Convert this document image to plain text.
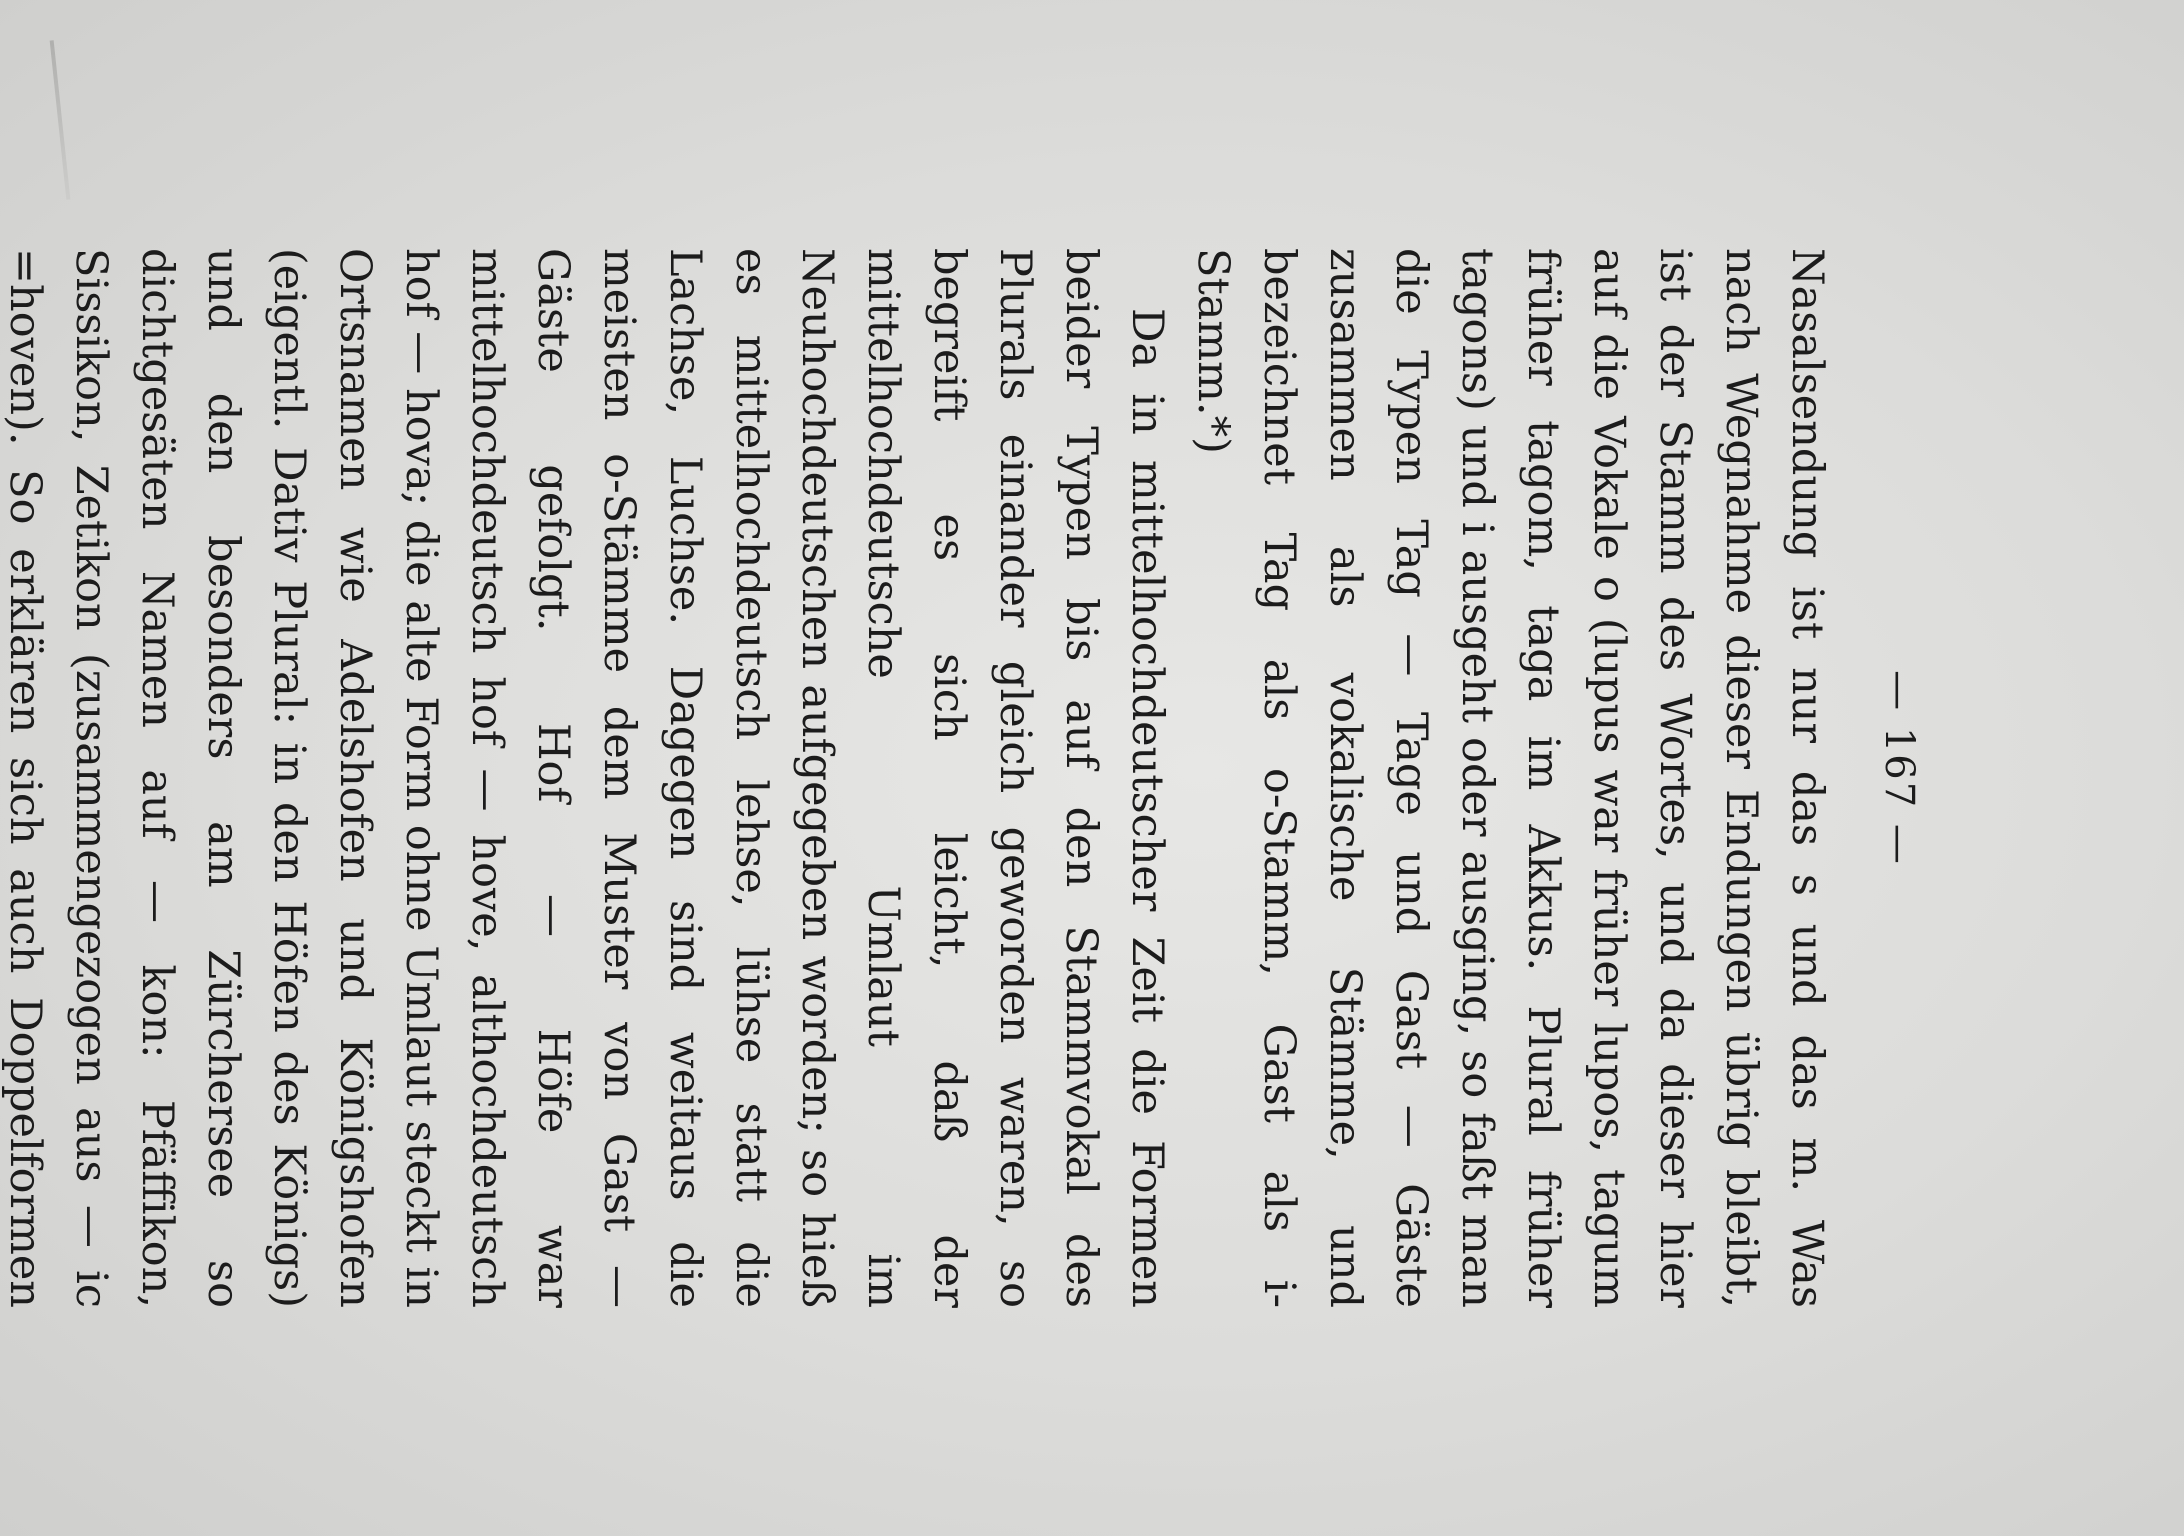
— 167 —

Nasalsendung ist nur das s und das m. Was nach Wegnahme dieser Endungen übrig bleibt, ist der Stamm des Wortes, und da dieser hier auf die Vokale o (lupus war früher lupos, tagum früher tagom, taga im Akkus. Plural früher tagons) und i ausgeht oder ausging, so faßt man die Typen Tag — Tage und Gast — Gäste zusammen als vokalische Stämme, und bezeichnet Tag als o-Stamm, Gast als i-Stamm.*)

Da in mittelhochdeutscher Zeit die Formen beider Typen bis auf den Stammvokal des Plurals einander gleich geworden waren, so begreift es sich leicht, daß der mittelhochdeutsche Umlaut im Neuhochdeutschen aufgegeben worden; so hieß es mittelhochdeutsch lehse, lühse statt die Lachse, Luchse. Dagegen sind weitaus die meisten o-Stämme dem Muster von Gast — Gäste gefolgt. Hof — Höfe war mittelhochdeutsch hof — hove, althochdeutsch hof — hova; die alte Form ohne Umlaut steckt in Ortsnamen wie Adelshofen und Königshofen (eigentl. Dativ Plural: in den Höfen des Königs) und den besonders am Zürchersee so dichtgesäten Namen auf — kon: Pfäffikon, Sissikon, Zetikon (zusammengezogen aus — ic =hoven). So erklären sich auch Doppelformen
